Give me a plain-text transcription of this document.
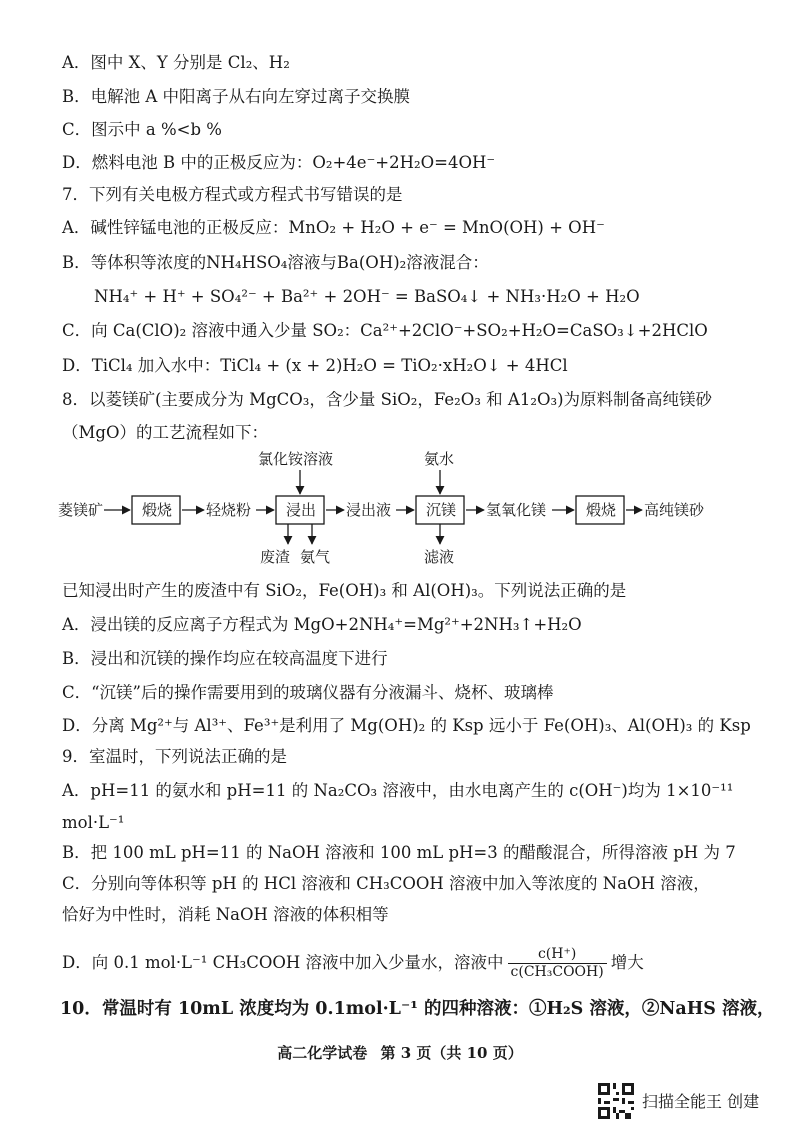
A．图中 X、Y 分别是 Cl₂、H₂
B．电解池 A 中阳离子从右向左穿过离子交换膜
C．图示中 a %<b %
D．燃料电池 B 中的正极反应为：O₂+4e⁻+2H₂O=4OH⁻
7．下列有关电极方程式或方程式书写错误的是
A．碱性锌锰电池的正极反应：MnO₂ + H₂O + e⁻ = MnO(OH) + OH⁻
B．等体积等浓度的NH₄HSO₄溶液与Ba(OH)₂溶液混合：
NH₄⁺ + H⁺ + SO₄²⁻ + Ba²⁺ + 2OH⁻ = BaSO₄↓ + NH₃·H₂O + H₂O
C．向 Ca(ClO)₂ 溶液中通入少量 SO₂：Ca²⁺+2ClO⁻+SO₂+H₂O=CaSO₃↓+2HClO
D．TiCl₄ 加入水中：TiCl₄ + (x + 2)H₂O = TiO₂·xH₂O↓ + 4HCl
8．以菱镁矿(主要成分为 MgCO₃，含少量 SiO₂，Fe₂O₃ 和 A1₂O₃)为原料制备高纯镁砂
（MgO）的工艺流程如下：
菱镁矿	煅烧 轻烧粉
氯化铵溶液
浸出 浸出液
废渣 氨气
氨水
沉镁
滤液
氢氧化镁	煅烧 高纯镁砂
已知浸出时产生的废渣中有 SiO₂，Fe(OH)₃ 和 Al(OH)₃。下列说法正确的是
A．浸出镁的反应离子方程式为 MgO+2NH₄⁺=Mg²⁺+2NH₃↑+H₂O
B．浸出和沉镁的操作均应在较高温度下进行
C．“沉镁”后的操作需要用到的玻璃仪器有分液漏斗、烧杯、玻璃棒
D．分离 Mg²⁺与 Al³⁺、Fe³⁺是利用了 Mg(OH)₂ 的 Ksp 远小于 Fe(OH)₃、Al(OH)₃ 的 Ksp
9．室温时，下列说法正确的是
A．pH=11 的氨水和 pH=11 的 Na₂CO₃ 溶液中，由水电离产生的 c(OH⁻)均为 1×10⁻¹¹
mol·L⁻¹
B．把 100 mL pH=11 的 NaOH 溶液和 100 mL pH=3 的醋酸混合，所得溶液 pH 为 7
C．分别向等体积等 pH 的 HCl 溶液和 CH₃COOH 溶液中加入等浓度的 NaOH 溶液，
恰好为中性时，消耗 NaOH 溶液的体积相等
D．向 0.1 mol·L⁻¹ CH₃COOH 溶液中加入少量水，溶液中 $\frac{c(H^+)}{\text{c(CH₃COOH)}}$ 增大
10．常温时有 10mL 浓度均为 0.1mol·L⁻¹ 的四种溶液：①H₂S 溶液，②NaHS 溶液，
高二化学试卷 第 3 页（共 10 页）
扫描全能王 创建
